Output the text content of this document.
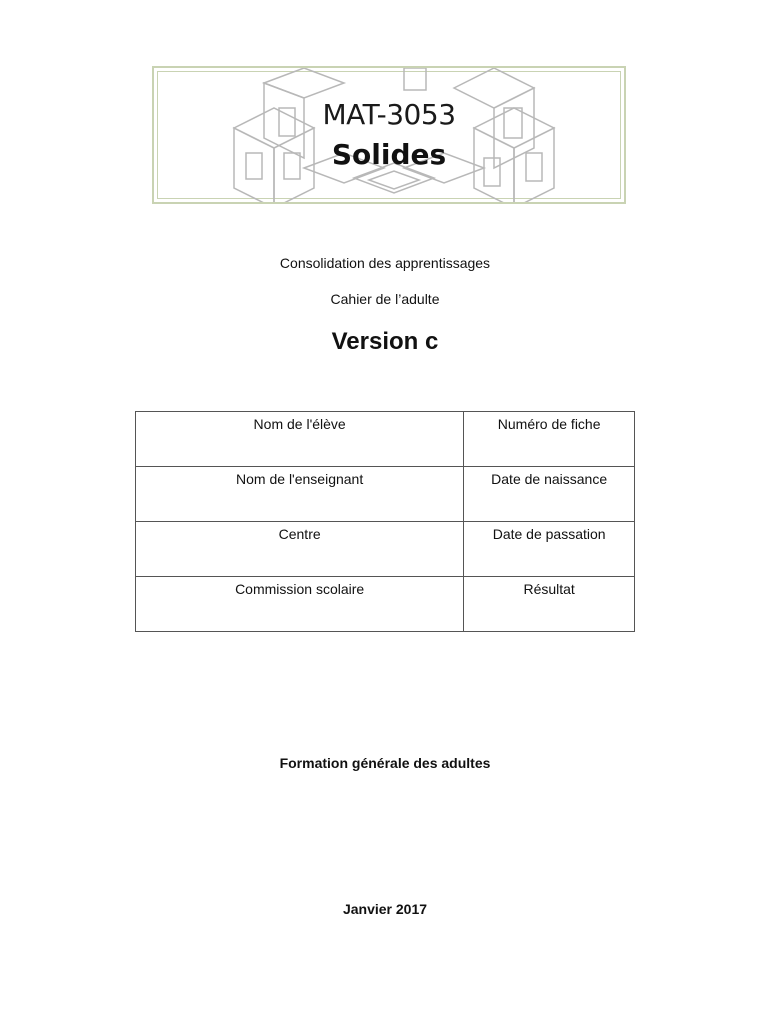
MAT-3053
Solides
Consolidation des apprentissages
Cahier de l’adulte
Version c
Nom de l'élève	Numéro de fiche
Nom de l'enseignant	Date de naissance
Centre	Date de passation
Commission scolaire	Résultat
Formation générale des adultes
Janvier 2017
